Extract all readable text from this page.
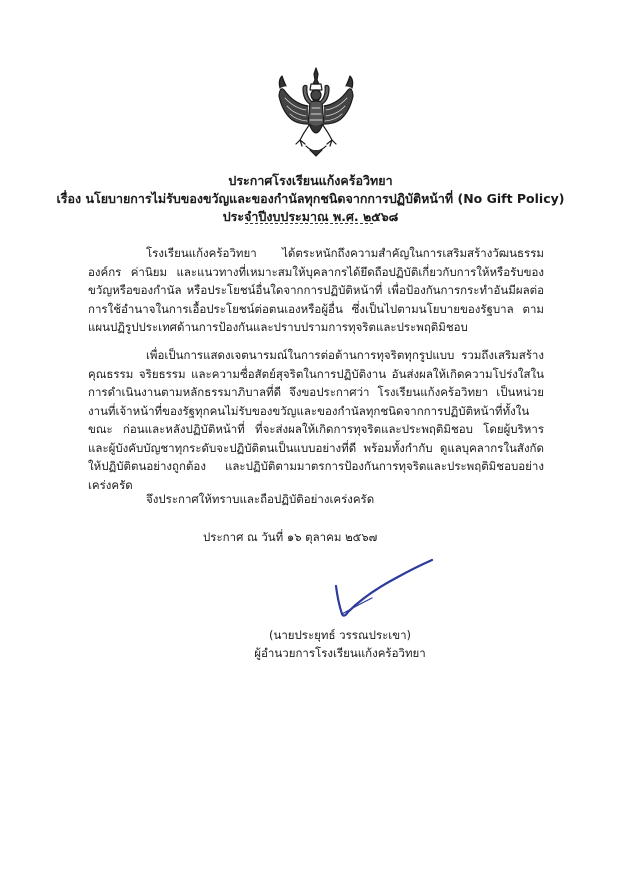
ประกาศโรงเรียนแก้งคร้อวิทยา
เรื่อง นโยบายการไม่รับของขวัญและของกำนัลทุกชนิดจากการปฏิบัติหน้าที่ (No Gift Policy)
ประจำปีงบประมาณ พ.ศ. ๒๕๖๘

โรงเรียนแก้งคร้อวิทยา ได้ตระหนักถึงความสำคัญในการเสริมสร้างวัฒนธรรมองค์กร ค่านิยม และแนวทางที่เหมาะสมให้บุคลากรได้ยึดถือปฏิบัติเกี่ยวกับการให้หรือรับของขวัญหรือของกำนัล หรือประโยชน์อื่นใดจากการปฏิบัติหน้าที่ เพื่อป้องกันการกระทำอันมีผลต่อการใช้อำนาจในการเอื้อประโยชน์ต่อตนเองหรือผู้อื่น ซึ่งเป็นไปตามนโยบายของรัฐบาล ตามแผนปฏิรูปประเทศด้านการป้องกันและปราบปรามการทุจริตและประพฤติมิชอบ

เพื่อเป็นการแสดงเจตนารมณ์ในการต่อต้านการทุจริตทุกรูปแบบ รวมถึงเสริมสร้างคุณธรรม จริยธรรม และความซื่อสัตย์สุจริตในการปฏิบัติงาน อันส่งผลให้เกิดความโปร่งใสในการดำเนินงานตามหลักธรรมาภิบาลที่ดี จึงขอประกาศว่า โรงเรียนแก้งคร้อวิทยา เป็นหน่วยงานที่เจ้าหน้าที่ของรัฐทุกคนไม่รับของขวัญและของกำนัลทุกชนิดจากการปฏิบัติหน้าที่ทั้งในขณะ ก่อนและหลังปฏิบัติหน้าที่ ที่จะส่งผลให้เกิดการทุจริตและประพฤติมิชอบ โดยผู้บริหารและผู้บังคับบัญชาทุกระดับจะปฏิบัติตนเป็นแบบอย่างที่ดี พร้อมทั้งกำกับ ดูแลบุคลากรในสังกัดให้ปฏิบัติตนอย่างถูกต้อง และปฏิบัติตามมาตรการป้องกันการทุจริตและประพฤติมิชอบอย่างเคร่งครัด

จึงประกาศให้ทราบและถือปฏิบัติอย่างเคร่งครัด

ประกาศ ณ วันที่ ๑๖ ตุลาคม ๒๕๖๗

(นายประยุทธ์ วรรณประเขา)
ผู้อำนวยการโรงเรียนแก้งคร้อวิทยา
